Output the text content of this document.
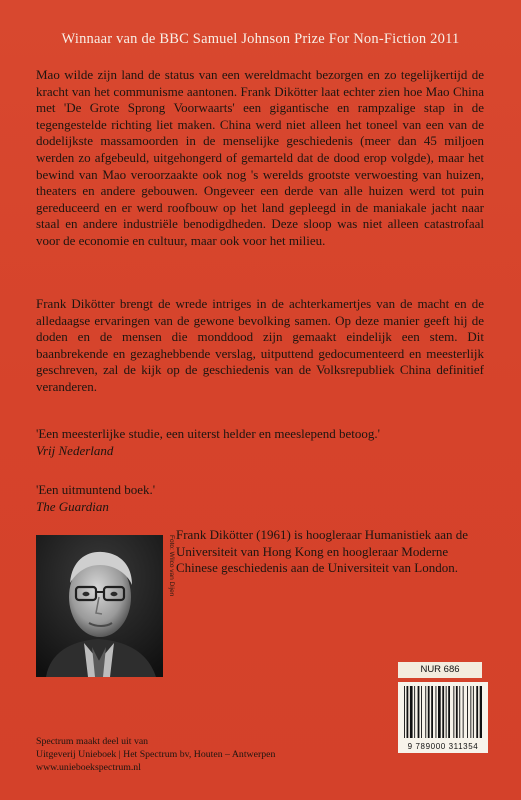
Winnaar van de BBC Samuel Johnson Prize For Non-Fiction 2011
Mao wilde zijn land de status van een wereldmacht bezorgen en zo tegelijkertijd de kracht van het communisme aantonen. Frank Dikötter laat echter zien hoe Mao China met 'De Grote Sprong Voorwaarts' een gigantische en rampzalige stap in de tegengestelde richting liet maken. China werd niet alleen het toneel van een van de dodelijkste massamoorden in de menselijke geschiedenis (meer dan 45 miljoen werden zo afgebeuld, uitgehongerd of gemarteld dat de dood erop volgde), maar het bewind van Mao veroorzaakte ook nog 's werelds grootste verwoesting van huizen, theaters en andere gebouwen. Ongeveer een derde van alle huizen werd tot puin gereduceerd en er werd roofbouw op het land gepleegd in de maniakale jacht naar staal en andere industriële benodigdheden. Deze sloop was niet alleen catastrofaal voor de economie en cultuur, maar ook voor het milieu.
Frank Dikötter brengt de wrede intriges in de achterkamertjes van de macht en de alledaagse ervaringen van de gewone bevolking samen. Op deze manier geeft hij de doden en de mensen die monddood zijn gemaakt eindelijk een stem. Dit baanbrekende en gezaghebbende verslag, uitputtend gedocumenteerd en meesterlijk geschreven, zal de kijk op de geschiedenis van de Volksrepubliek China definitief veranderen.
'Een meesterlijke studie, een uiterst helder en meeslepend betoog.'
Vrij Nederland
'Een uitmuntend boek.'
The Guardian
Foto: Wilco van Dijen
Frank Dikötter (1961) is hoogleraar Humanistiek aan de Universiteit van Hong Kong en hoogleraar Moderne Chinese geschiedenis aan de Universiteit van London.
NUR 686
9 789000 311354
Spectrum maakt deel uit van
Uitgeverij Unieboek | Het Spectrum bv, Houten – Antwerpen
www.unieboekspectrum.nl
